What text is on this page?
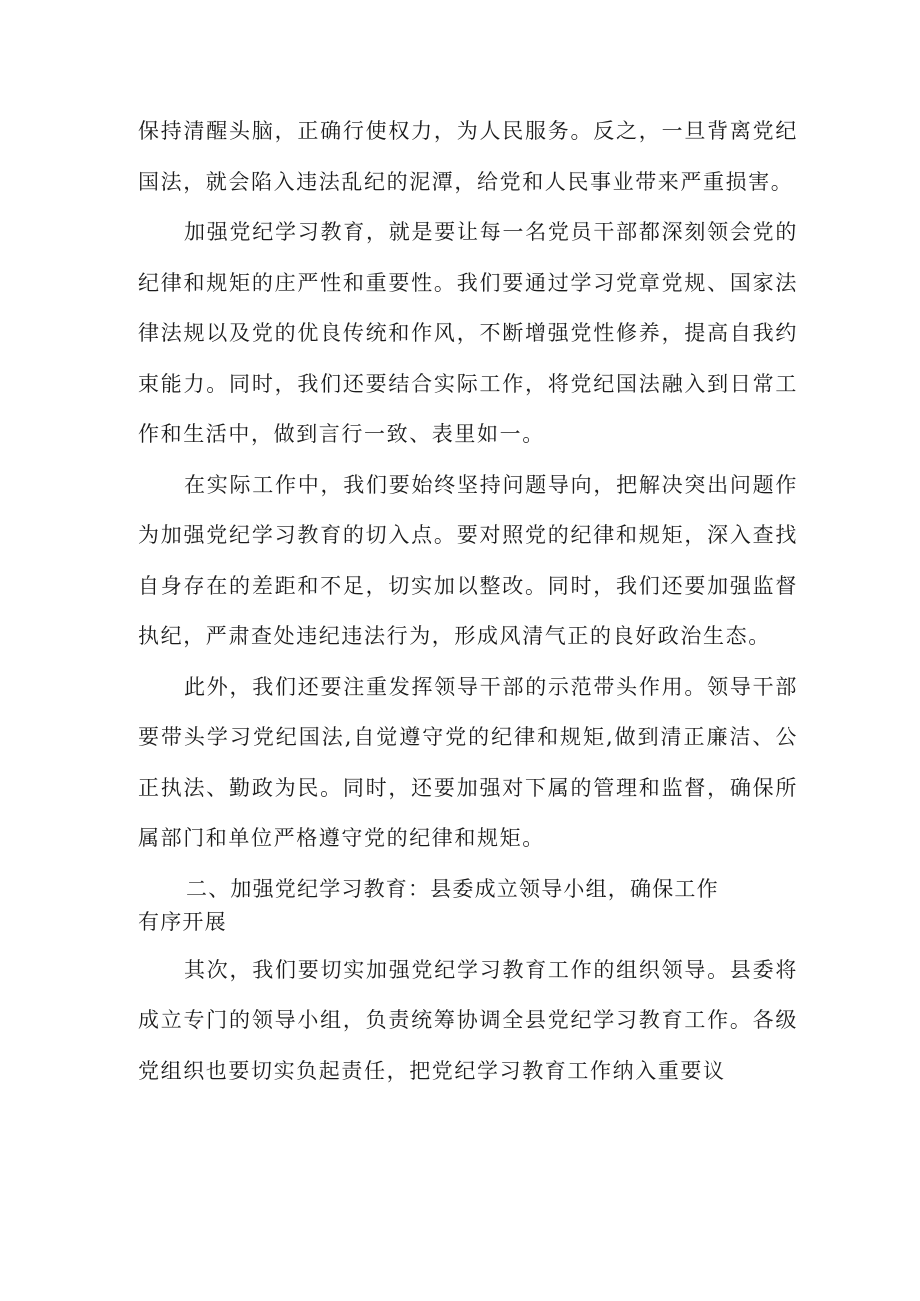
保持清醒头脑，正确行使权力，为人民服务。反之，一旦背离党纪国法，就会陷入违法乱纪的泥潭，给党和人民事业带来严重损害。

加强党纪学习教育，就是要让每一名党员干部都深刻领会党的纪律和规矩的庄严性和重要性。我们要通过学习党章党规、国家法律法规以及党的优良传统和作风，不断增强党性修养，提高自我约束能力。同时，我们还要结合实际工作，将党纪国法融入到日常工作和生活中，做到言行一致、表里如一。

在实际工作中，我们要始终坚持问题导向，把解决突出问题作为加强党纪学习教育的切入点。要对照党的纪律和规矩，深入查找自身存在的差距和不足，切实加以整改。同时，我们还要加强监督执纪，严肃查处违纪违法行为，形成风清气正的良好政治生态。

此外，我们还要注重发挥领导干部的示范带头作用。领导干部要带头学习党纪国法,自觉遵守党的纪律和规矩,做到清正廉洁、公正执法、勤政为民。同时，还要加强对下属的管理和监督，确保所属部门和单位严格遵守党的纪律和规矩。

二、加强党纪学习教育：县委成立领导小组，确保工作有序开展

其次，我们要切实加强党纪学习教育工作的组织领导。县委将成立专门的领导小组，负责统筹协调全县党纪学习教育工作。各级党组织也要切实负起责任，把党纪学习教育工作纳入重要议
